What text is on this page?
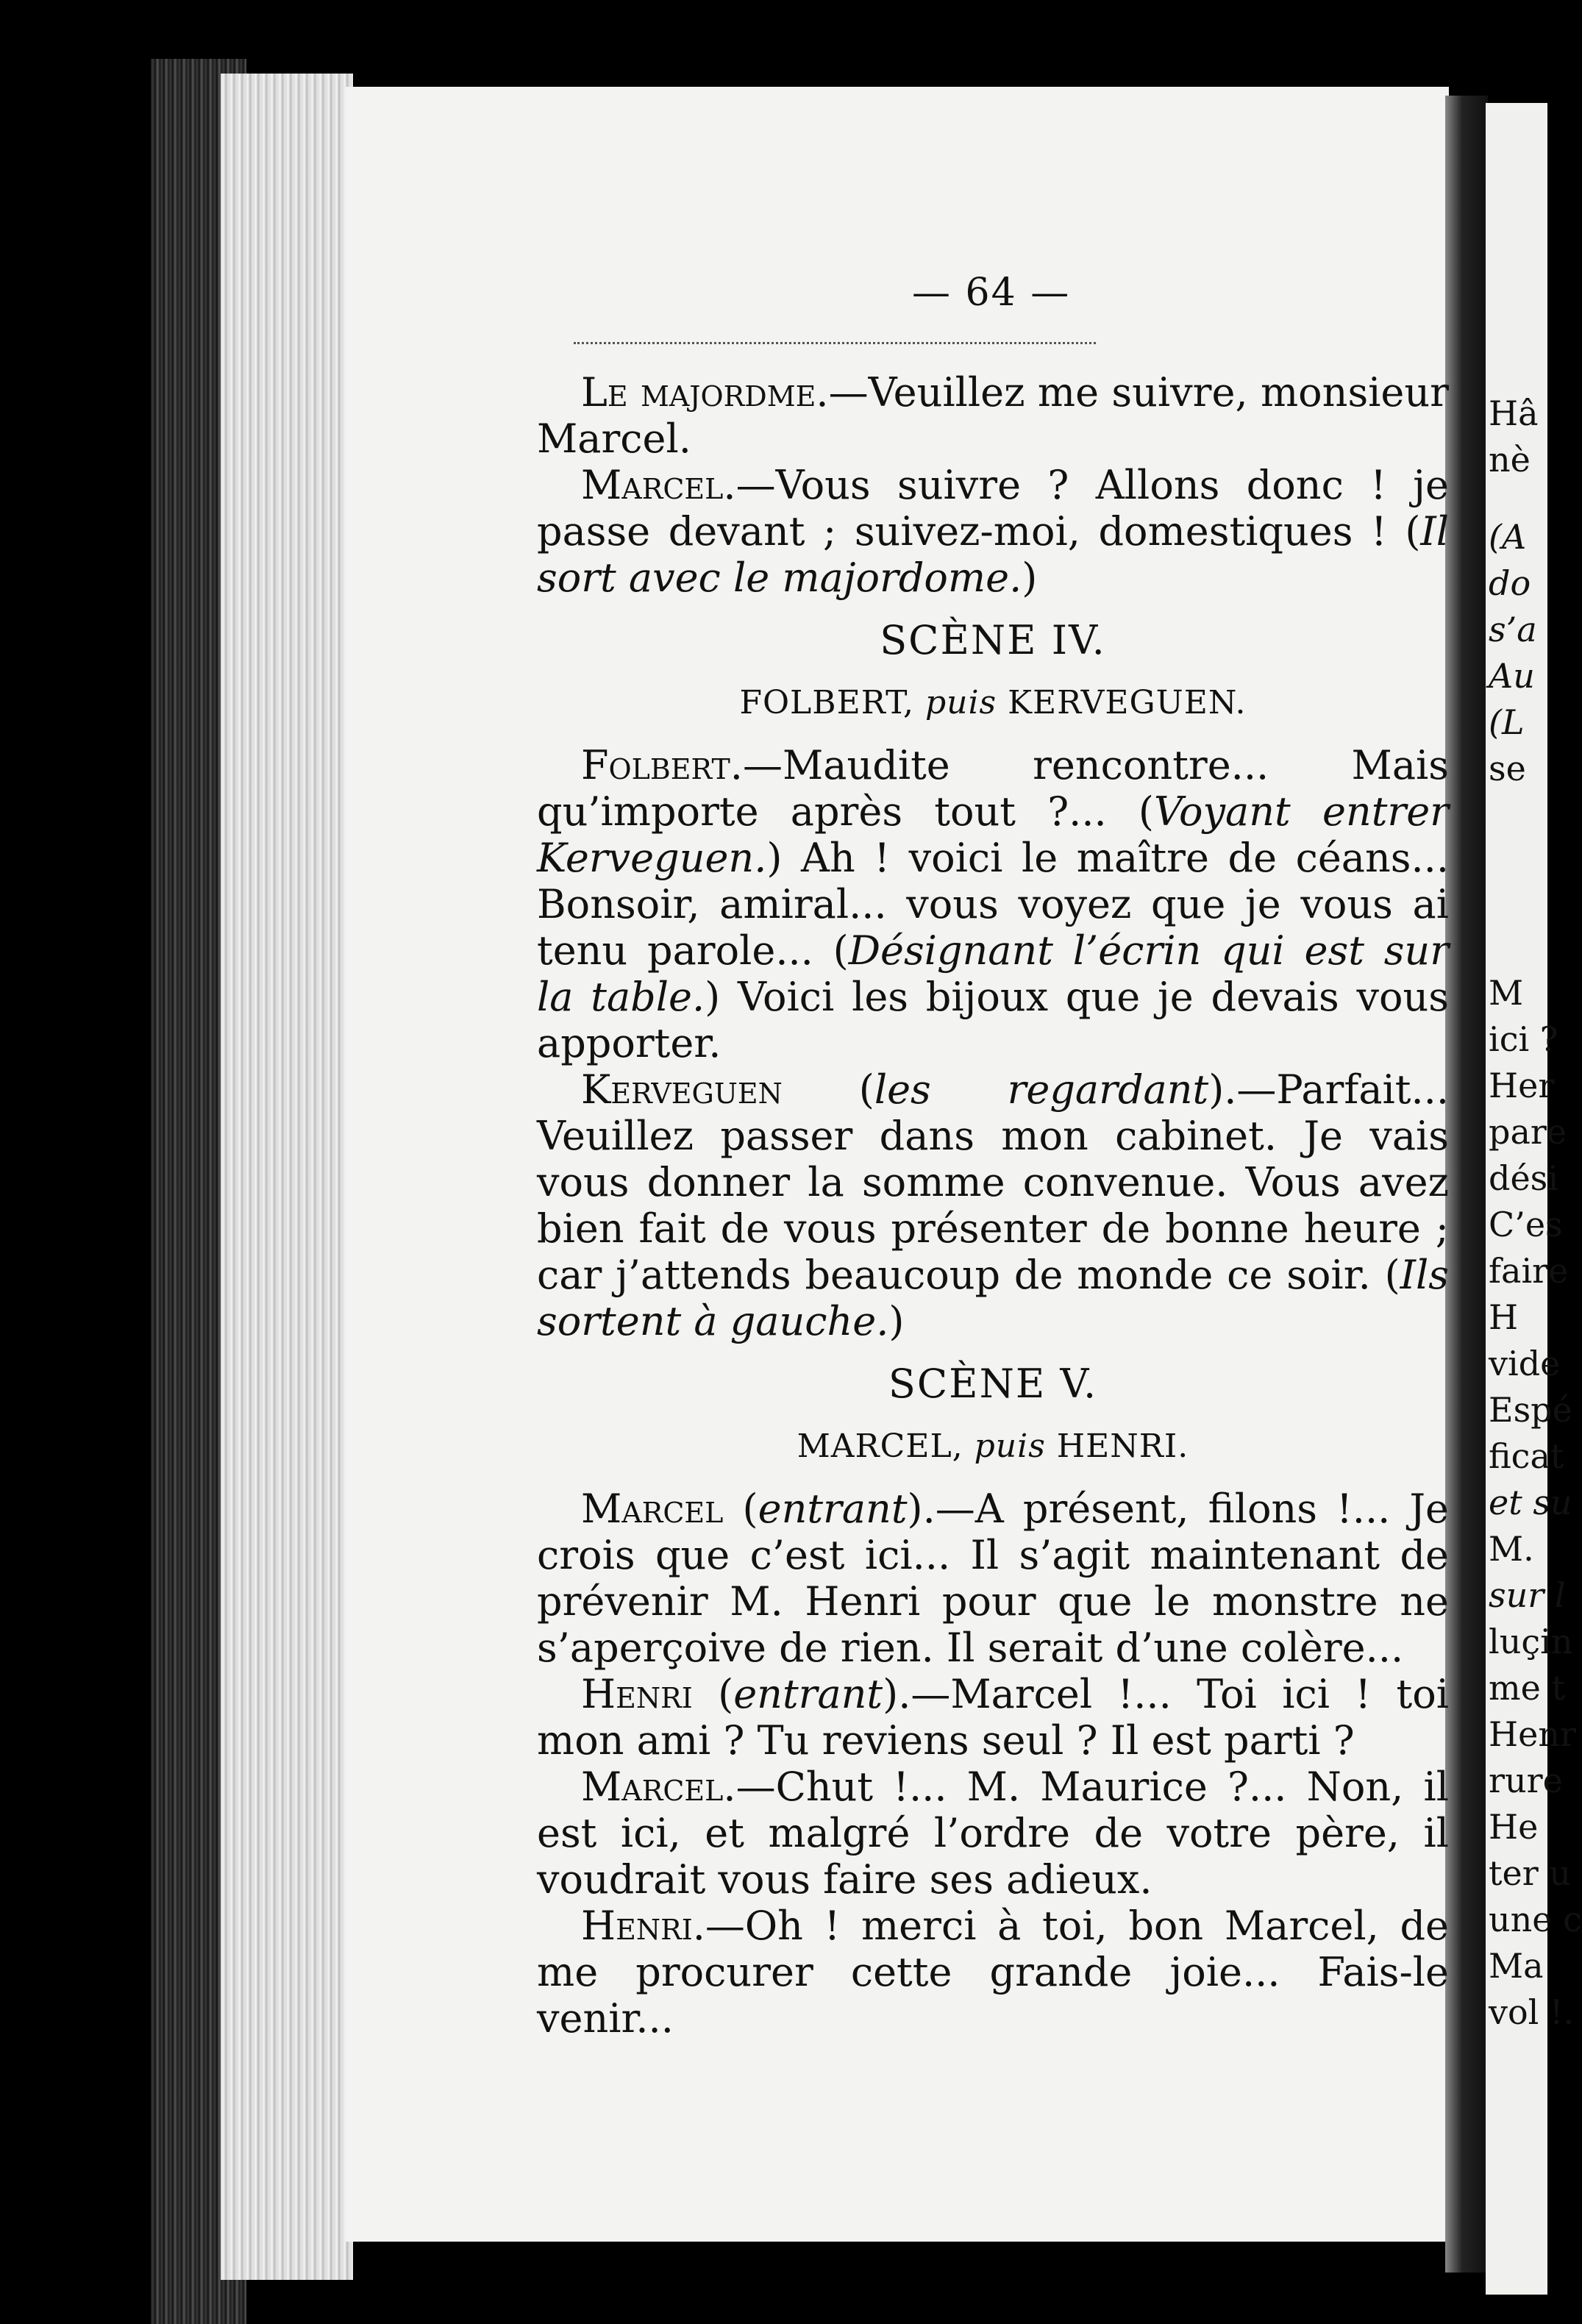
Hâ
nè
(A
do
s’a
Au
(L
se
M
ici ?
Her
pare
dési
C’es
faire
H
vide
Espé
ficat
et su
M.
sur l
luçin
me t
Henr
rure
He
ter u
une c
Ma
vol !.
— 64 —

Le majordme.—Veuillez me suivre, monsieur Marcel.

Marcel.—Vous suivre ? Allons donc ! je passe devant ; suivez-moi, domestiques ! (Il sort avec le majordome.)

SCÈNE IV.

FOLBERT, puis KERVEGUEN.

Folbert.—Maudite rencontre... Mais qu’importe après tout ?... (Voyant entrer Kerveguen.) Ah ! voici le maître de céans... Bonsoir, amiral... vous voyez que je vous ai tenu parole... (Désignant l’écrin qui est sur la table.) Voici les bijoux que je devais vous apporter.

Kerveguen (les regardant).—Parfait... Veuillez passer dans mon cabinet. Je vais vous donner la somme convenue. Vous avez bien fait de vous présenter de bonne heure ; car j’attends beaucoup de monde ce soir. (Ils sortent à gauche.)

SCÈNE V.

MARCEL, puis HENRI.

Marcel (entrant).—A présent, filons !... Je crois que c’est ici... Il s’agit maintenant de prévenir M. Henri pour que le monstre ne s’aperçoive de rien. Il serait d’une colère...

Henri (entrant).—Marcel !... Toi ici ! toi mon ami ? Tu reviens seul ? Il est parti ?

Marcel.—Chut !... M. Maurice ?... Non, il est ici, et malgré l’ordre de votre père, il voudrait vous faire ses adieux.

Henri.—Oh ! merci à toi, bon Marcel, de me procurer cette grande joie... Fais-le venir...
